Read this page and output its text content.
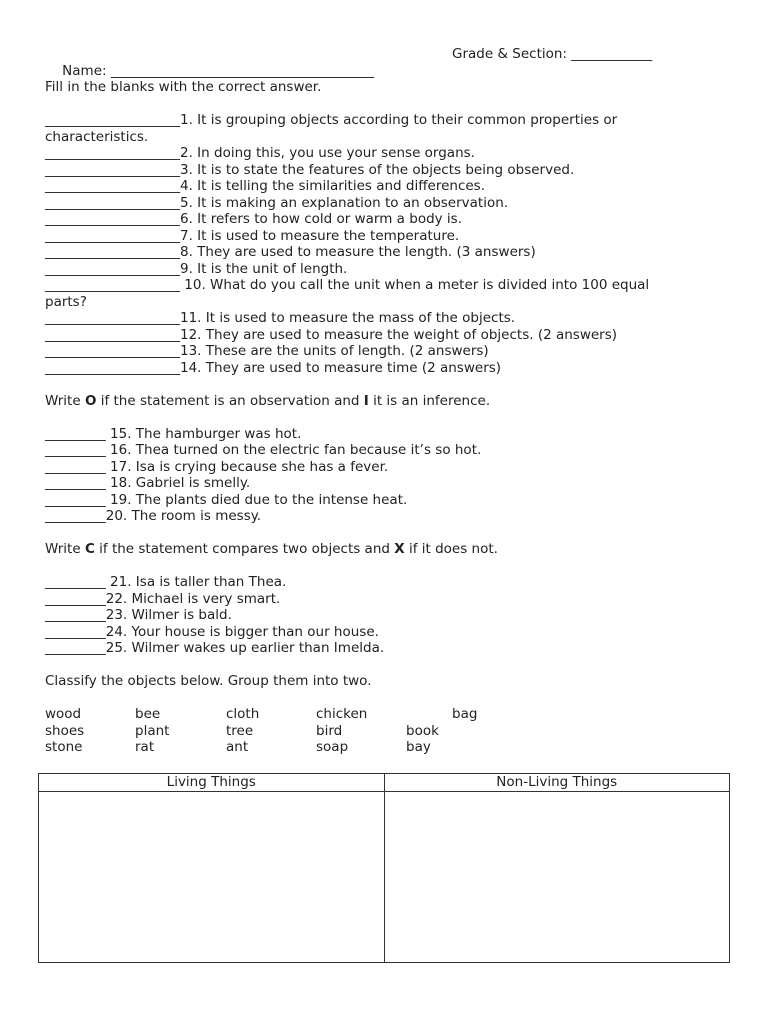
Name: _______________________________________

Grade & Section: ____________

Fill in the blanks with the correct answer.
____________________1. It is grouping objects according to their common properties or
characteristics.
____________________2. In doing this, you use your sense organs.
____________________3. It is to state the features of the objects being observed.
____________________4. It is telling the similarities and differences.
____________________5. It is making an explanation to an observation.
____________________6. It refers to how cold or warm a body is.
____________________7. It is used to measure the temperature.
____________________8. They are used to measure the length. (3 answers)
____________________9. It is the unit of length.
____________________ 10. What do you call the unit when a meter is divided into 100 equal
parts?
____________________11. It is used to measure the mass of the objects.
____________________12. They are used to measure the weight of objects. (2 answers)
____________________13. These are the units of length. (2 answers)
____________________14. They are used to measure time (2 answers)
Write O if the statement is an observation and I it is an inference.
_________ 15. The hamburger was hot.
_________ 16. Thea turned on the electric fan because it’s so hot.
_________ 17. Isa is crying because she has a fever.
_________ 18. Gabriel is smelly.
_________ 19. The plants died due to the intense heat.
_________20. The room is messy.
Write C if the statement compares two objects and X if it does not.
_________ 21. Isa is taller than Thea.
_________22. Michael is very smart.
_________23. Wilmer is bald.
_________24. Your house is bigger than our house.
_________25. Wilmer wakes up earlier than Imelda.
Classify the objects below. Group them into two.
wood	bee	cloth	chicken	bag
shoes	plant	tree	bird	book
stone	rat	ant	soap	bay
Living Things	Non-Living Things
